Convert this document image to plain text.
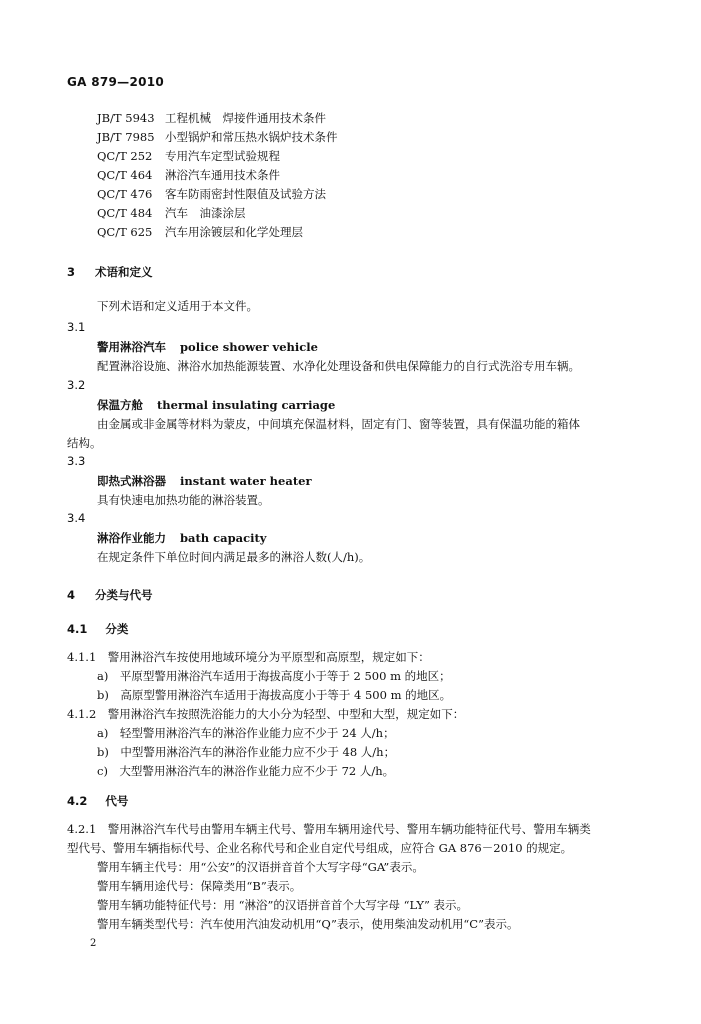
GA 879—2010
JB/T 5943 工程机械　焊接件通用技术条件
JB/T 7985 小型锅炉和常压热水锅炉技术条件
QC/T 252 专用汽车定型试验规程
QC/T 464 淋浴汽车通用技术条件
QC/T 476 客车防雨密封性限值及试验方法
QC/T 484 汽车　油漆涂层
QC/T 625 汽车用涂镀层和化学处理层
3 术语和定义
下列术语和定义适用于本文件。
3.1
警用淋浴汽车 police shower vehicle
配置淋浴设施、淋浴水加热能源装置、水净化处理设备和供电保障能力的自行式洗浴专用车辆。
3.2
保温方舱 thermal insulating carriage
由金属或非金属等材料为蒙皮，中间填充保温材料，固定有门、窗等装置，具有保温功能的箱体
结构。
3.3
即热式淋浴器 instant water heater
具有快速电加热功能的淋浴装置。
3.4
淋浴作业能力 bath capacity
在规定条件下单位时间内满足最多的淋浴人数(人/h)。
4 分类与代号
4.1 分类
4.1.1　警用淋浴汽车按使用地域环境分为平原型和高原型，规定如下：
a)　平原型警用淋浴汽车适用于海拔高度小于等于 2 500 m 的地区；
b)　高原型警用淋浴汽车适用于海拔高度小于等于 4 500 m 的地区。
4.1.2　警用淋浴汽车按照洗浴能力的大小分为轻型、中型和大型，规定如下：
a)　轻型警用淋浴汽车的淋浴作业能力应不少于 24 人/h；
b)　中型警用淋浴汽车的淋浴作业能力应不少于 48 人/h；
c)　大型警用淋浴汽车的淋浴作业能力应不少于 72 人/h。
4.2 代号
4.2.1　警用淋浴汽车代号由警用车辆主代号、警用车辆用途代号、警用车辆功能特征代号、警用车辆类
型代号、警用车辆指标代号、企业名称代号和企业自定代号组成，应符合 GA 876－2010 的规定。
警用车辆主代号：用“公安”的汉语拼音首个大写字母“GA”表示。
警用车辆用途代号：保障类用“B”表示。
警用车辆功能特征代号：用 “淋浴”的汉语拼音首个大写字母 “LY” 表示。
警用车辆类型代号：汽车使用汽油发动机用“Q”表示，使用柴油发动机用“C”表示。
2
